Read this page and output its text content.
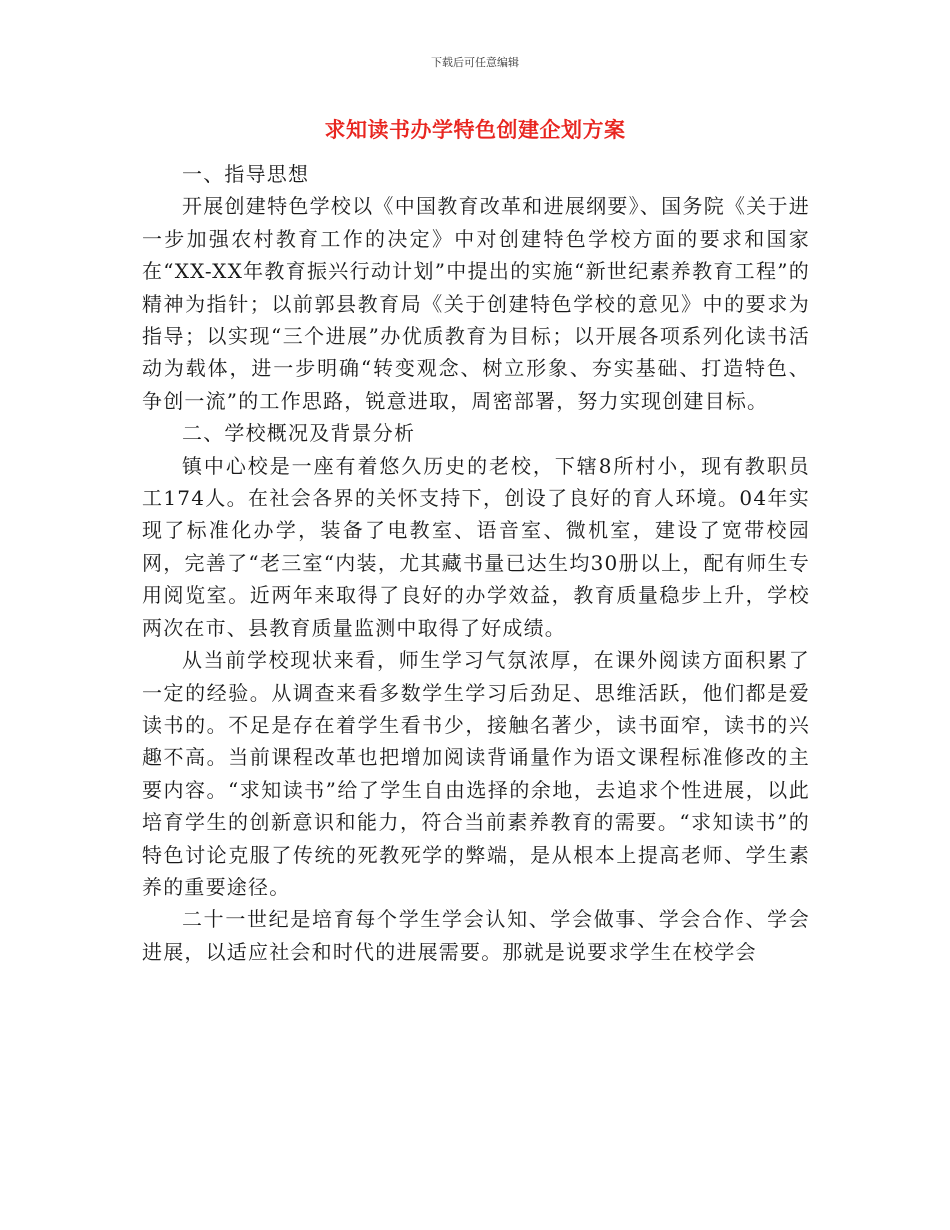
下载后可任意编辑
求知读书办学特色创建企划方案

一、指导思想

开展创建特色学校以《中国教育改革和进展纲要》、国务院《关于进一步加强农村教育工作的决定》中对创建特色学校方面的要求和国家在“XX-XX年教育振兴行动计划”中提出的实施“新世纪素养教育工程”的精神为指针；以前郭县教育局《关于创建特色学校的意见》中的要求为指导；以实现“三个进展”办优质教育为目标；以开展各项系列化读书活动为载体，进一步明确“转变观念、树立形象、夯实基础、打造特色、争创一流”的工作思路，锐意进取，周密部署，努力实现创建目标。

二、学校概况及背景分析

镇中心校是一座有着悠久历史的老校，下辖8所村小，现有教职员工174人。在社会各界的关怀支持下，创设了良好的育人环境。04年实现了标准化办学，装备了电教室、语音室、微机室，建设了宽带校园网，完善了“老三室“内装，尤其藏书量已达生均30册以上，配有师生专用阅览室。近两年来取得了良好的办学效益，教育质量稳步上升，学校两次在市、县教育质量监测中取得了好成绩。

从当前学校现状来看，师生学习气氛浓厚，在课外阅读方面积累了一定的经验。从调查来看多数学生学习后劲足、思维活跃，他们都是爱读书的。不足是存在着学生看书少，接触名著少，读书面窄，读书的兴趣不高。当前课程改革也把增加阅读背诵量作为语文课程标准修改的主要内容。“求知读书”给了学生自由选择的余地，去追求个性进展，以此培育学生的创新意识和能力，符合当前素养教育的需要。“求知读书”的特色讨论克服了传统的死教死学的弊端，是从根本上提高老师、学生素养的重要途径。

二十一世纪是培育每个学生学会认知、学会做事、学会合作、学会进展，以适应社会和时代的进展需要。那就是说要求学生在校学会
